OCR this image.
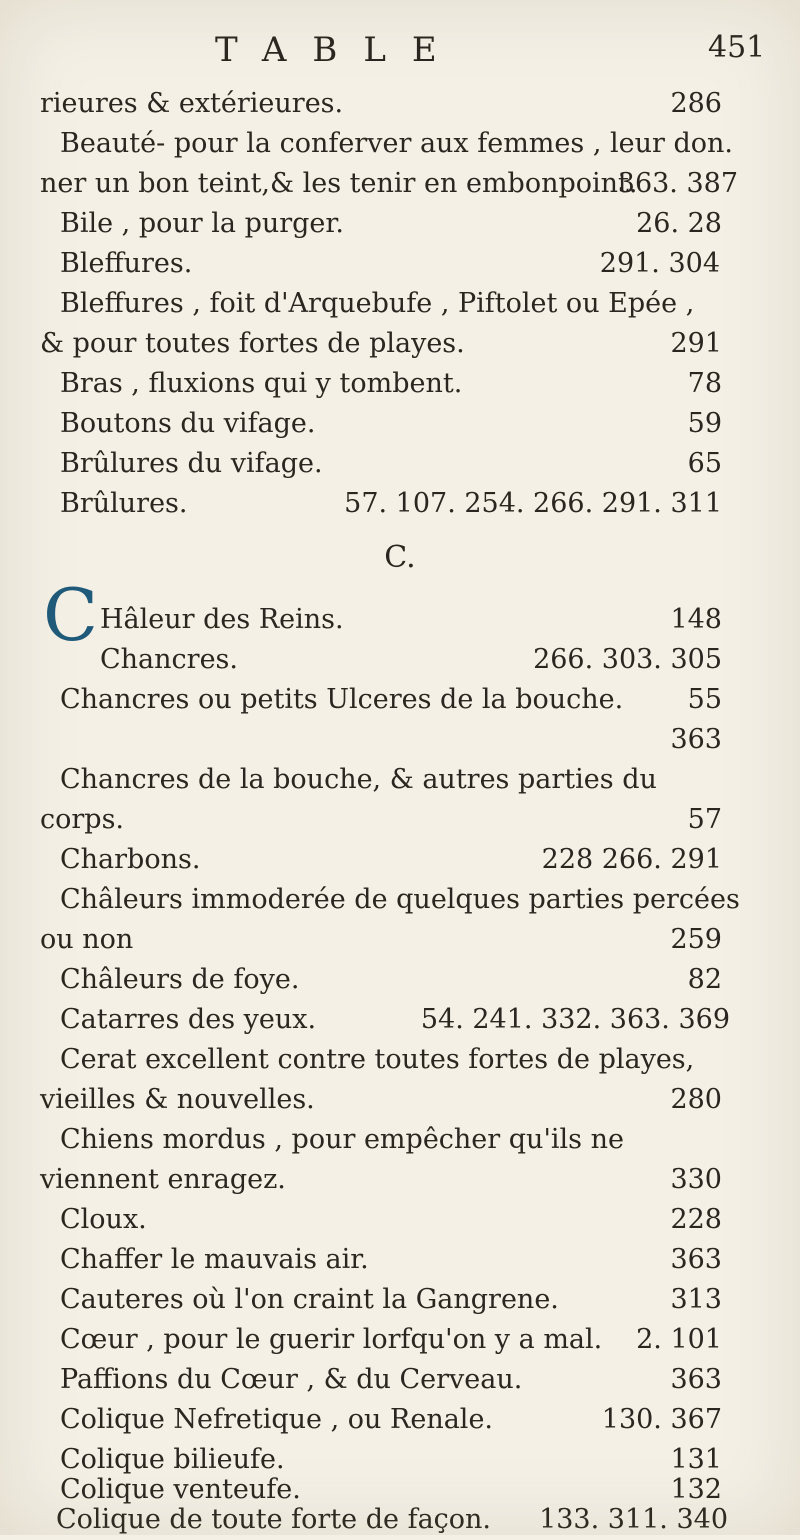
TABLE	451
rieures & extérieures.	286
Beauté- pour la conferver aux femmes , leur don.
ner un bon teint,& les tenir en embonpoint.
363. 387
Bile , pour la purger.	26. 28
Bleffures.	291. 304
Bleffures , foit d'Arquebufe , Piftolet ou Epée ,
& pour toutes fortes de playes.	291
Bras , fluxions qui y tombent.	78
Boutons du vifage.	59
Brûlures du vifage.	65
Brûlures.	57. 107. 254. 266. 291. 311
C.
C Hâleur des Reins.	148
Chancres.	266. 303. 305
Chancres ou petits Ulceres de la bouche. 55
363
Chancres de la bouche, & autres parties du
corps.	57
Charbons.	228 266. 291
Châleurs immoderée de quelques parties percées
ou non	259
Châleurs de foye.	82
Catarres des yeux.	54. 241. 332. 363. 369
Cerat excellent contre toutes fortes de playes,
vieilles & nouvelles.	280
Chiens mordus , pour empêcher qu'ils ne
viennent enragez.	330
Cloux.	228
Chaffer le mauvais air.	363
Cauteres où l'on craint la Gangrene.	313
Cœur , pour le guerir lorfqu'on y a mal. 2. 101
Paffions du Cœur , & du Cerveau.	363
Colique Nefretique , ou Renale.	130. 367
Colique bilieufe.	131
Colique venteufe.	132
Colique de toute forte de façon. 133. 311. 340
